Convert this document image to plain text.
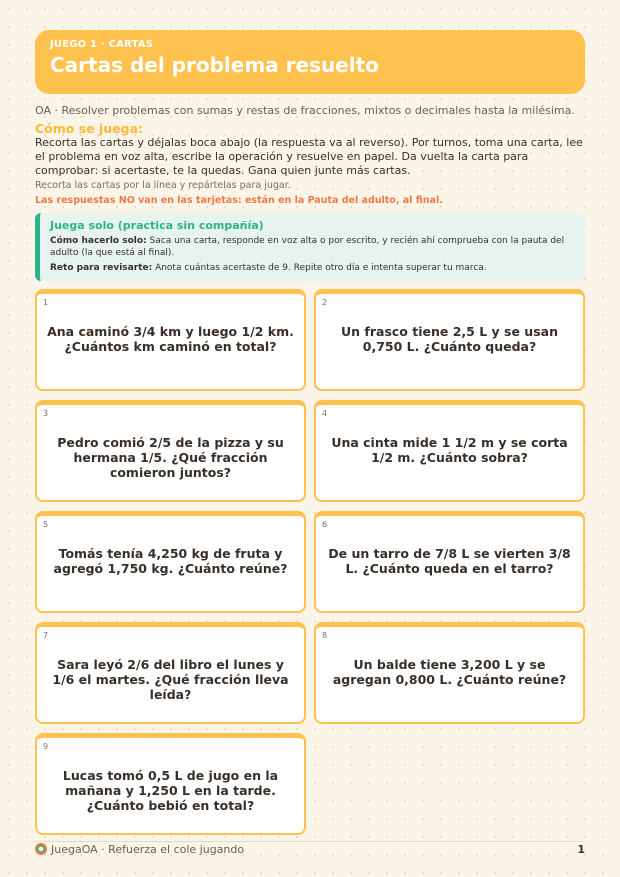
JUEGO 1 · CARTAS
Cartas del problema resuelto
OA · Resolver problemas con sumas y restas de fracciones, mixtos o decimales hasta la milésima.
Cómo se juega:
Recorta las cartas y déjalas boca abajo (la respuesta va al reverso). Por turnos, toma una carta, lee el problema en voz alta, escribe la operación y resuelve en papel. Da vuelta la carta para comprobar: si acertaste, te la quedas. Gana quien junte más cartas.
Recorta las cartas por la línea y repártelas para jugar.
Las respuestas NO van en las tarjetas: están en la Pauta del adulto, al final.
Juega solo (practica sin compañía)
Cómo hacerlo solo: Saca una carta, responde en voz alta o por escrito, y recién ahí comprueba con la pauta del adulto (la que está al final).
Reto para revisarte: Anota cuántas acertaste de 9. Repite otro día e intenta superar tu marca.
1
Ana caminó 3/4 km y luego 1/2 km. ¿Cuántos km caminó en total?
2
Un frasco tiene 2,5 L y se usan 0,750 L. ¿Cuánto queda?
3
Pedro comió 2/5 de la pizza y su hermana 1/5. ¿Qué fracción comieron juntos?
4
Una cinta mide 1 1/2 m y se corta 1/2 m. ¿Cuánto sobra?
5
Tomás tenía 4,250 kg de fruta y agregó 1,750 kg. ¿Cuánto reúne?
6
De un tarro de 7/8 L se vierten 3/8 L. ¿Cuánto queda en el tarro?
7
Sara leyó 2/6 del libro el lunes y 1/6 el martes. ¿Qué fracción lleva leída?
8
Un balde tiene 3,200 L y se agregan 0,800 L. ¿Cuánto reúne?
9
Lucas tomó 0,5 L de jugo en la mañana y 1,250 L en la tarde. ¿Cuánto bebió en total?
JuegaOA · Refuerza el cole jugando	1
